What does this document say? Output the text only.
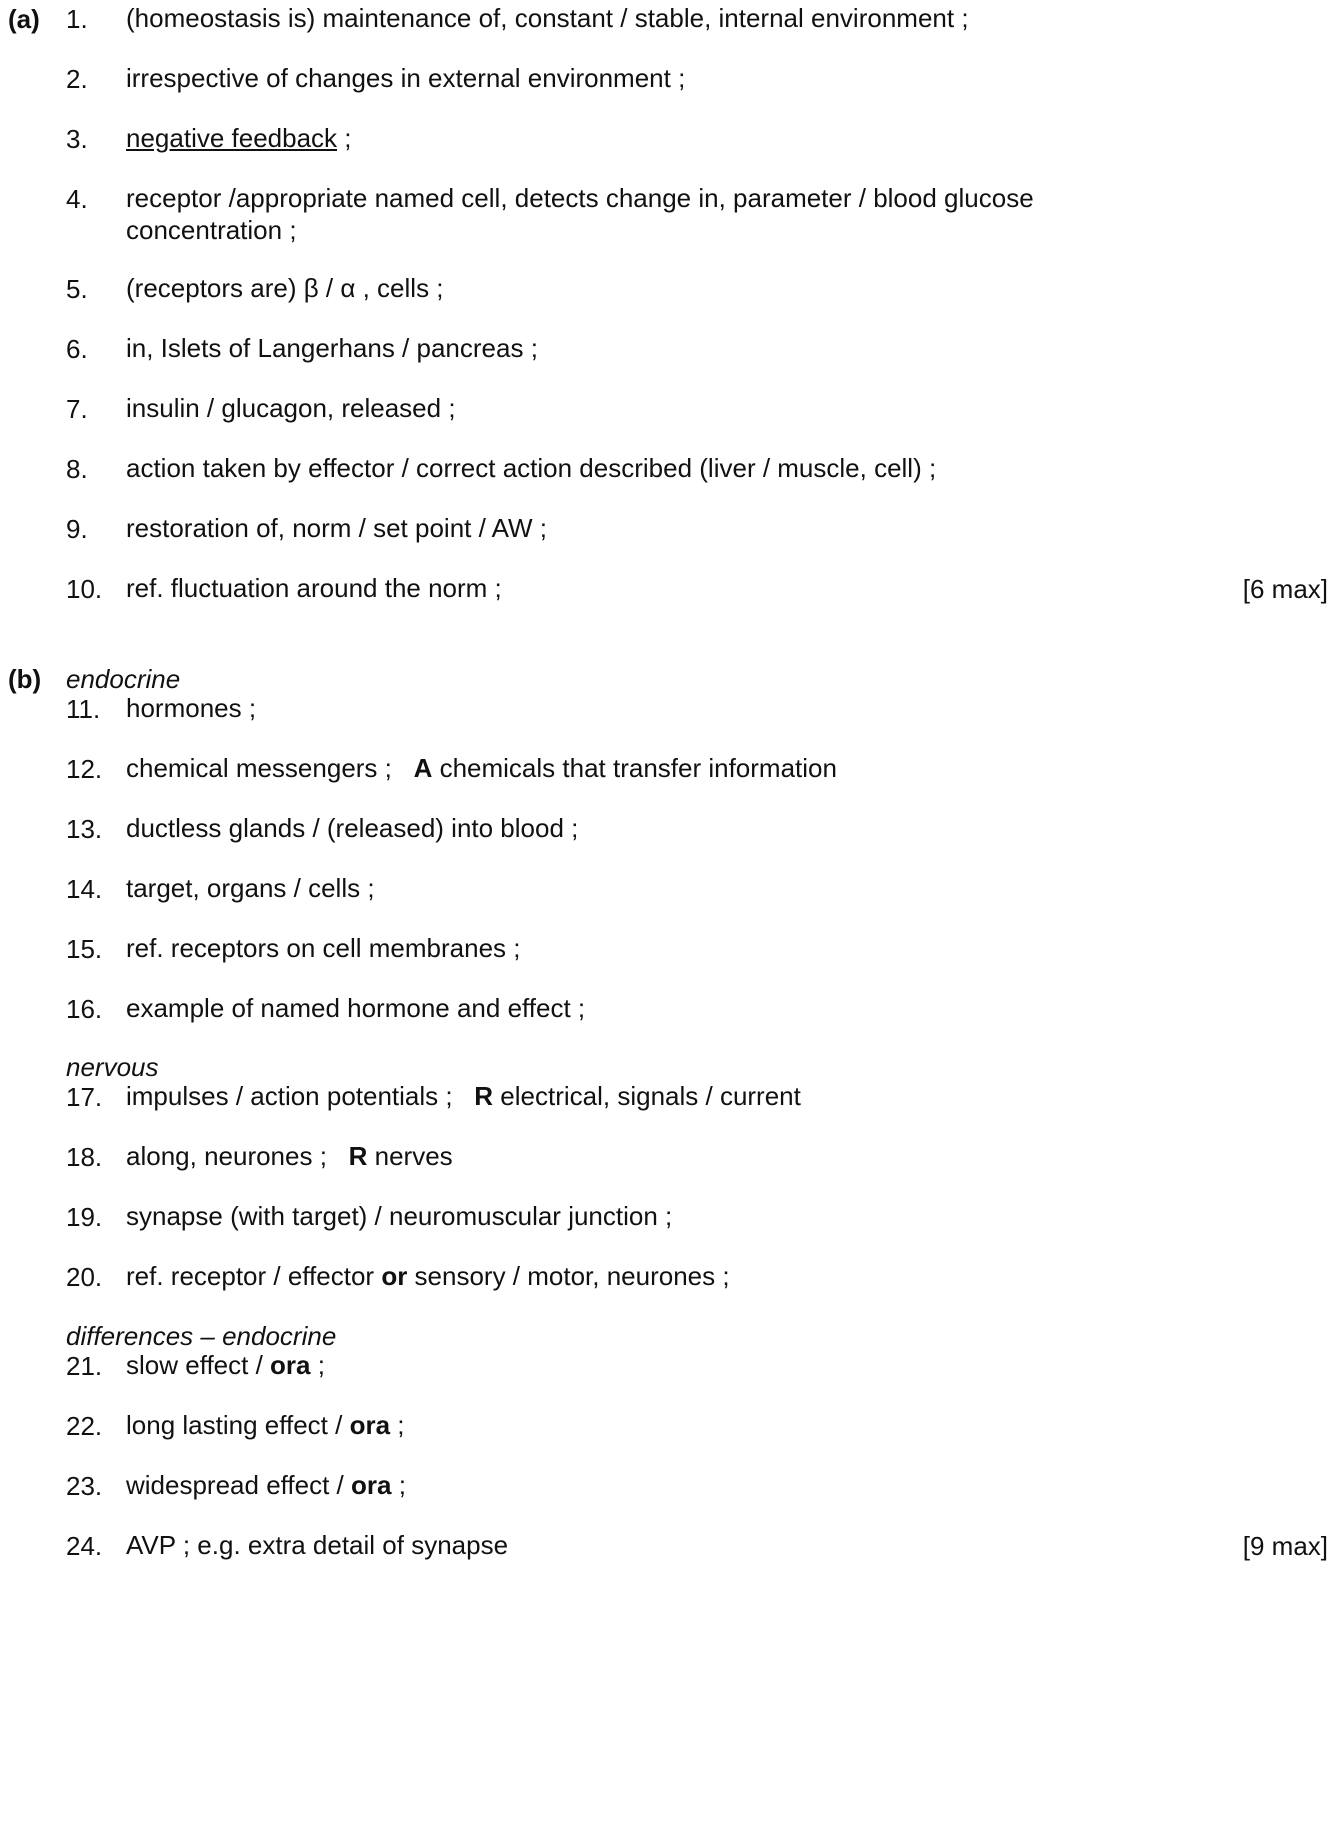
(a) 1.	(homeostasis is) maintenance of, constant / stable, internal environment ;
2.	irrespective of changes in external environment ;
3.	negative feedback ;
4.	receptor /appropriate named cell, detects change in, parameter / blood glucose
concentration ;
5.	(receptors are) β / α , cells ;
6.	in, Islets of Langerhans / pancreas ;
7.	insulin / glucagon, released ;
8.	action taken by effector / correct action described (liver / muscle, cell) ;
9.	restoration of, norm / set point / AW ;
10. ref. fluctuation around the norm ;	[6 max]
(b) endocrine
11. hormones ;
12. chemical messengers ;   A chemicals that transfer information
13. ductless glands / (released) into blood ;
14. target, organs / cells ;
15. ref. receptors on cell membranes ;
16. example of named hormone and effect ;
nervous
17. impulses / action potentials ;   R electrical, signals / current
18. along, neurones ;   R nerves
19. synapse (with target) / neuromuscular junction ;
20. ref. receptor / effector or sensory / motor, neurones ;
differences – endocrine
21. slow effect / ora ;
22. long lasting effect / ora ;
23. widespread effect / ora ;
24. AVP ; e.g. extra detail of synapse	[9 max]
